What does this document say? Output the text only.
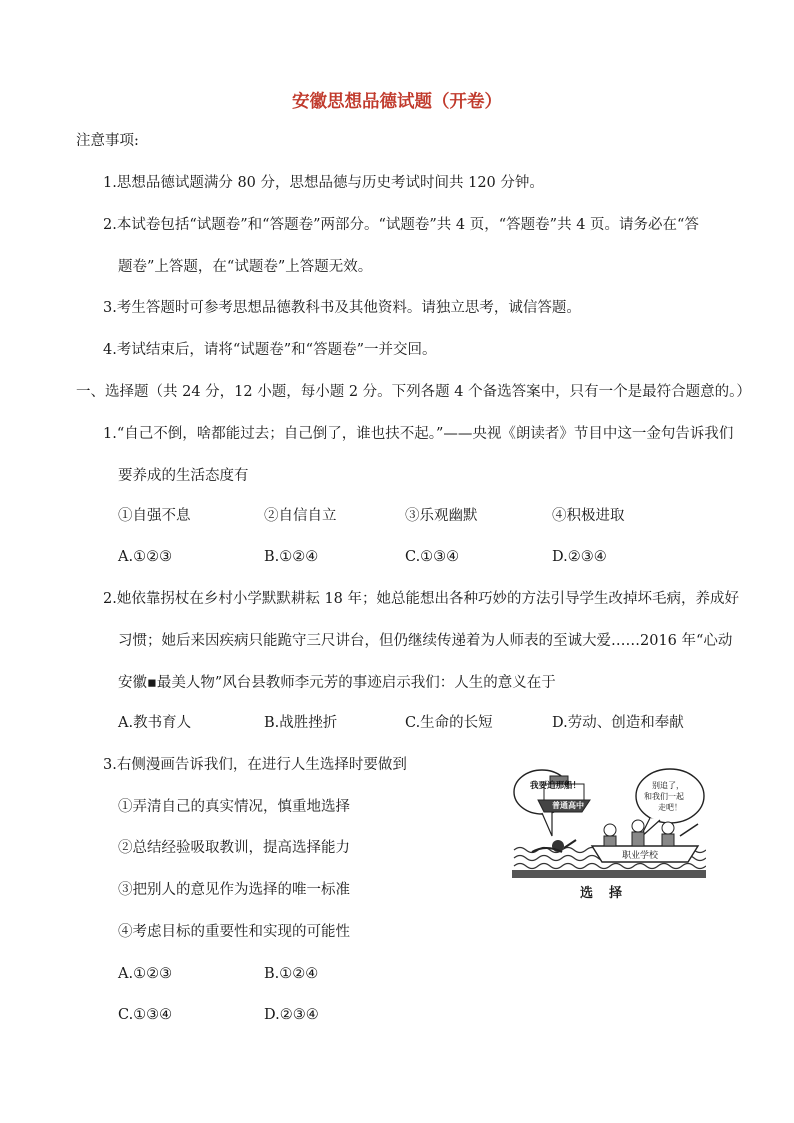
安徽思想品德试题（开卷）
注意事项:
1.思想品德试题满分 80 分，思想品德与历史考试时间共 120 分钟。
2.本试卷包括“试题卷”和“答题卷”两部分。“试题卷”共 4 页，“答题卷”共 4 页。请务必在“答
题卷”上答题，在“试题卷”上答题无效。
3.考生答题时可参考思想品德教科书及其他资料。请独立思考，诚信答题。
4.考试结束后，请将“试题卷”和“答题卷”一并交回。
一、选择题（共 24 分，12 小题，每小题 2 分。下列各题 4 个备选答案中，只有一个是最符合题意的。）
1.“自己不倒，啥都能过去；自己倒了，谁也扶不起。”——央视《朗读者》节目中这一金句告诉我们
要养成的生活态度有
①自强不息	②自信自立	③乐观幽默	④积极进取
A.①②③	B.①②④	C.①③④	D.②③④
2.她依靠拐杖在乡村小学默默耕耘 18 年；她总能想出各种巧妙的方法引导学生改掉坏毛病，养成好
习惯；她后来因疾病只能跪守三尺讲台，但仍继续传递着为人师表的至诚大爱……2016 年“心动
安徽▪最美人物”风台县教师李元芳的事迹启示我们：人生的意义在于
A.教书育人	B.战胜挫折	C.生命的长短	D.劳动、创造和奉献
3.右侧漫画告诉我们，在进行人生选择时要做到
①弄清自己的真实情况，慎重地选择
②总结经验吸取教训，提高选择能力
③把别人的意见作为选择的唯一标准
④考虑目标的重要性和实现的可能性
A.①②③	B.①②④
C.①③④	D.②③④
我要追那船！
普通高中
别追了，
和我们一起
走吧！
职业学校
选择
